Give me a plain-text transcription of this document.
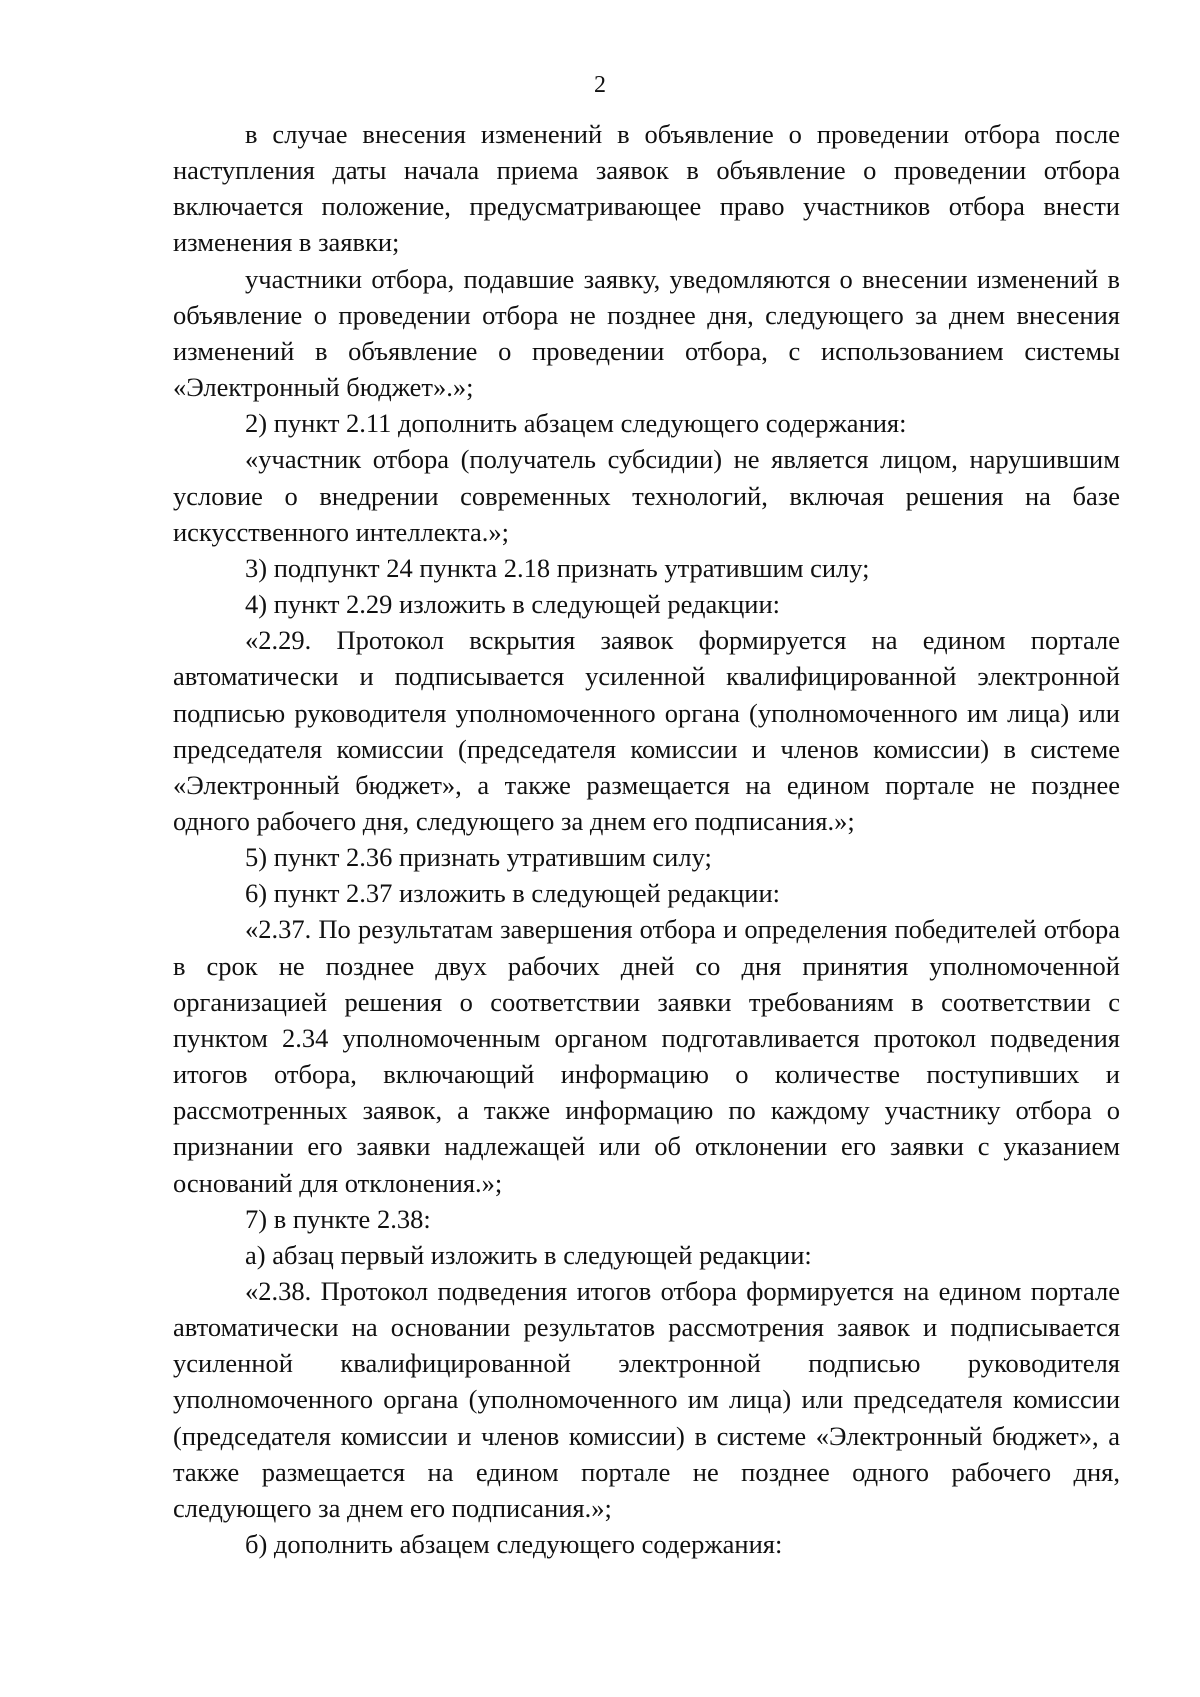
2

в случае внесения изменений в объявление о проведении отбора после наступления даты начала приема заявок в объявление о проведении отбора включается положение, предусматривающее право участников отбора внести изменения в заявки;

участники отбора, подавшие заявку, уведомляются о внесении изменений в объявление о проведении отбора не позднее дня, следующего за днем внесения изменений в объявление о проведении отбора, с использованием системы «Электронный бюджет».»;

2) пункт 2.11 дополнить абзацем следующего содержания:

«участник отбора (получатель субсидии) не является лицом, нарушившим условие о внедрении современных технологий, включая решения на базе искусственного интеллекта.»;

3) подпункт 24 пункта 2.18 признать утратившим силу;

4) пункт 2.29 изложить в следующей редакции:

«2.29. Протокол вскрытия заявок формируется на едином портале автоматически и подписывается усиленной квалифицированной электронной подписью руководителя уполномоченного органа (уполномоченного им лица) или председателя комиссии (председателя комиссии и членов комиссии) в системе «Электронный бюджет», а также размещается на едином портале не позднее одного рабочего дня, следующего за днем его подписания.»;

5) пункт 2.36 признать утратившим силу;

6) пункт 2.37 изложить в следующей редакции:

«2.37. По результатам завершения отбора и определения победителей отбора в срок не позднее двух рабочих дней со дня принятия уполномоченной организацией решения о соответствии заявки требованиям в соответствии с пунктом 2.34 уполномоченным органом подготавливается протокол подведения итогов отбора, включающий информацию о количестве поступивших и рассмотренных заявок, а также информацию по каждому участнику отбора о признании его заявки надлежащей или об отклонении его заявки с указанием оснований для отклонения.»;

7) в пункте 2.38:

а) абзац первый изложить в следующей редакции:

«2.38. Протокол подведения итогов отбора формируется на едином портале автоматически на основании результатов рассмотрения заявок и подписывается усиленной квалифицированной электронной подписью руководителя уполномоченного органа (уполномоченного им лица) или председателя комиссии (председателя комиссии и членов комиссии) в системе «Электронный бюджет», а также размещается на едином портале не позднее одного рабочего дня, следующего за днем его подписания.»;

б) дополнить абзацем следующего содержания:
